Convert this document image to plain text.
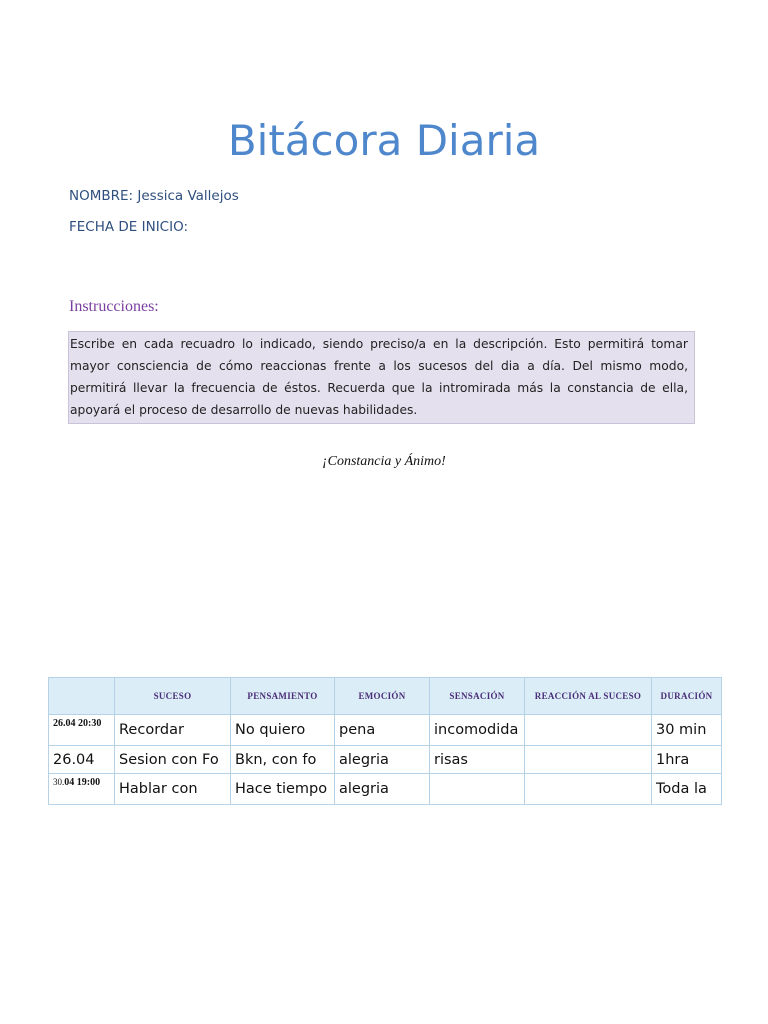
Bitácora Diaria
NOMBRE: Jessica Vallejos
FECHA DE INICIO:
Instrucciones:
Escribe en cada recuadro lo indicado, siendo preciso/a en la descripción. Esto permitirá tomar mayor consciencia de cómo reaccionas frente a los sucesos del dia a día. Del mismo modo, permitirá llevar la frecuencia de éstos. Recuerda que la intromirada más la constancia de ella, apoyará el proceso de desarrollo de nuevas habilidades.
¡Constancia y Ánimo!
	SUCESO	PENSAMIENTO	EMOCIÓN	SENSACIÓN	REACCIÓN AL SUCESO	DURACIÓN
26.04 20:30	Recordar	No quiero	pena	incomodida		30 min
26.04	Sesion con Fo	Bkn, con fo	alegria	risas		1hra
30.04 19:00	Hablar con	Hace tiempo	alegria			Toda la
